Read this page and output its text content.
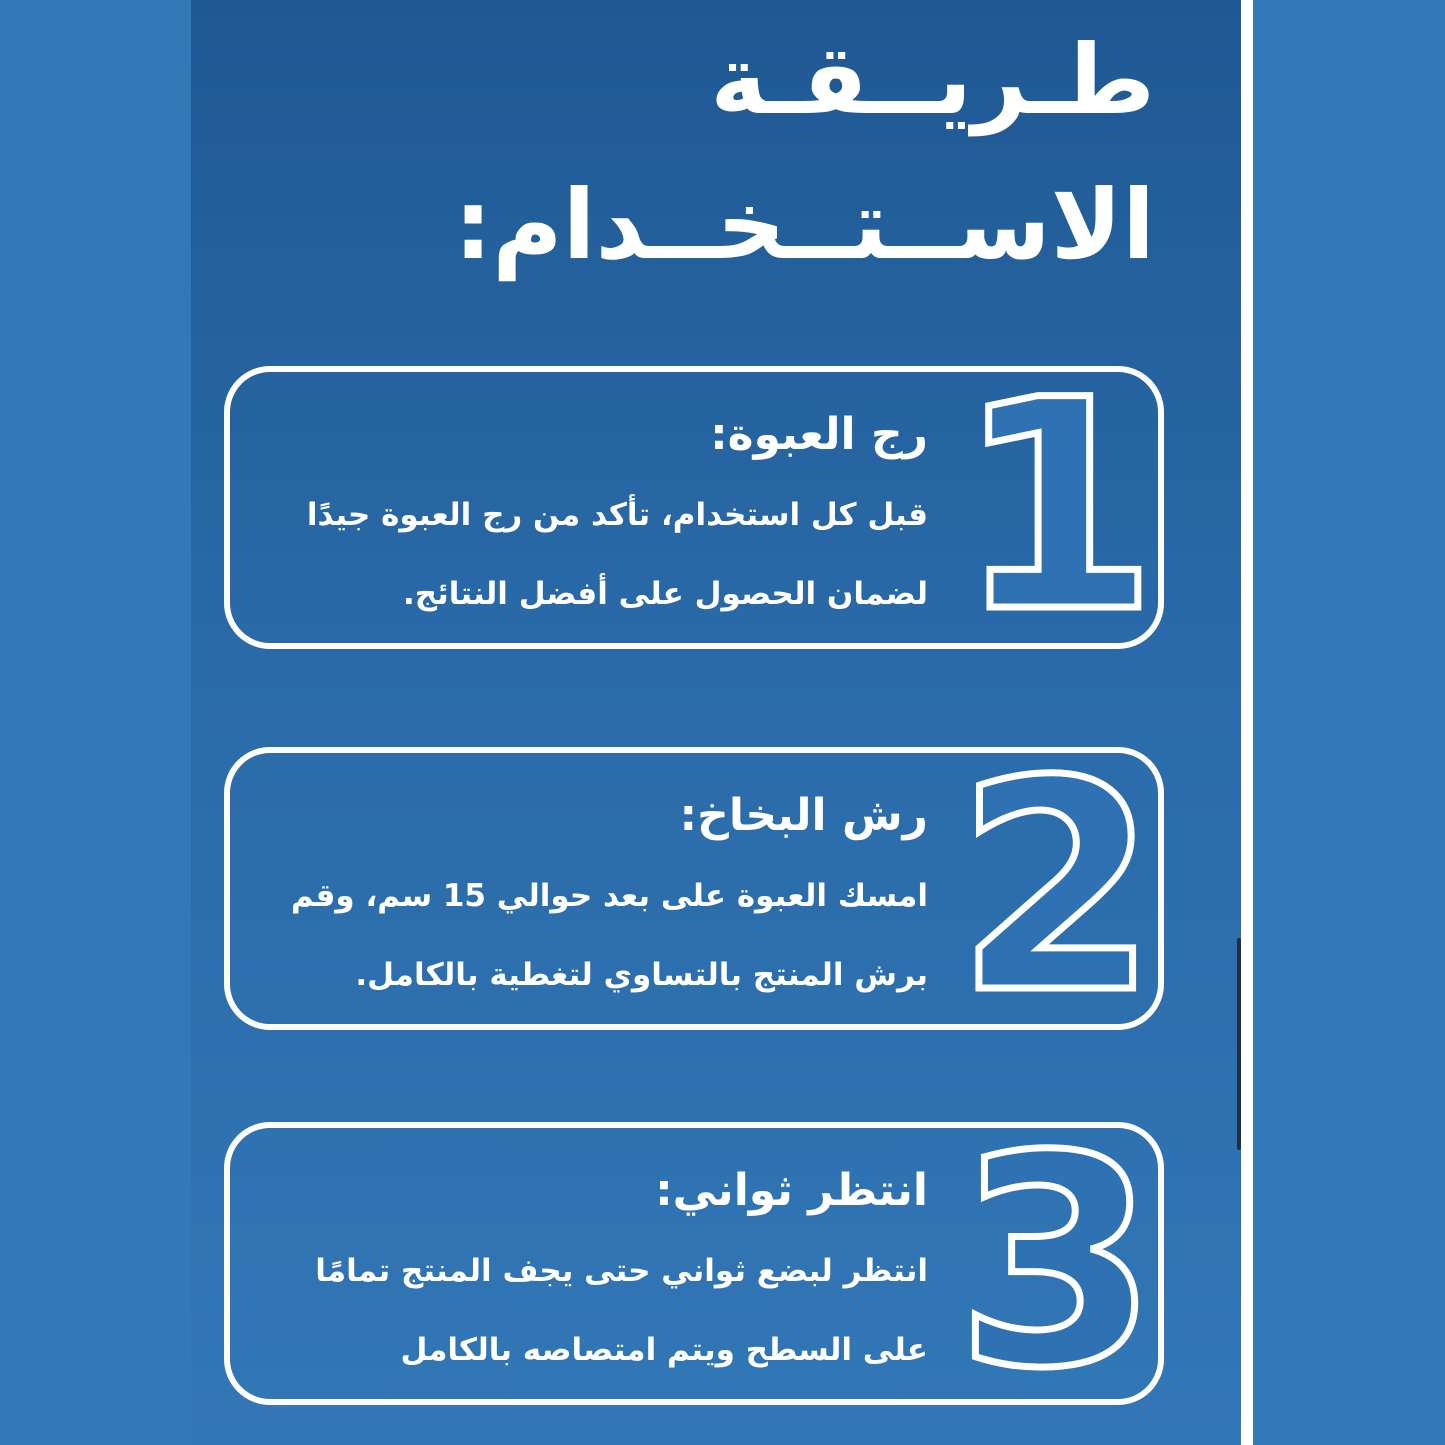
طـريــقـة
الاســتــخــدام:
1
رج العبوة:

قبل كل استخدام، تأكد من رج العبوة جيدًا

لضمان الحصول على أفضل النتائج.

2
رش البخاخ:

امسك العبوة على بعد حوالي 15 سم، وقم

برش المنتج بالتساوي لتغطية بالكامل.

3
انتظر ثواني:

انتظر لبضع ثواني حتى يجف المنتج تمامًا

على السطح ويتم امتصاصه بالكامل
